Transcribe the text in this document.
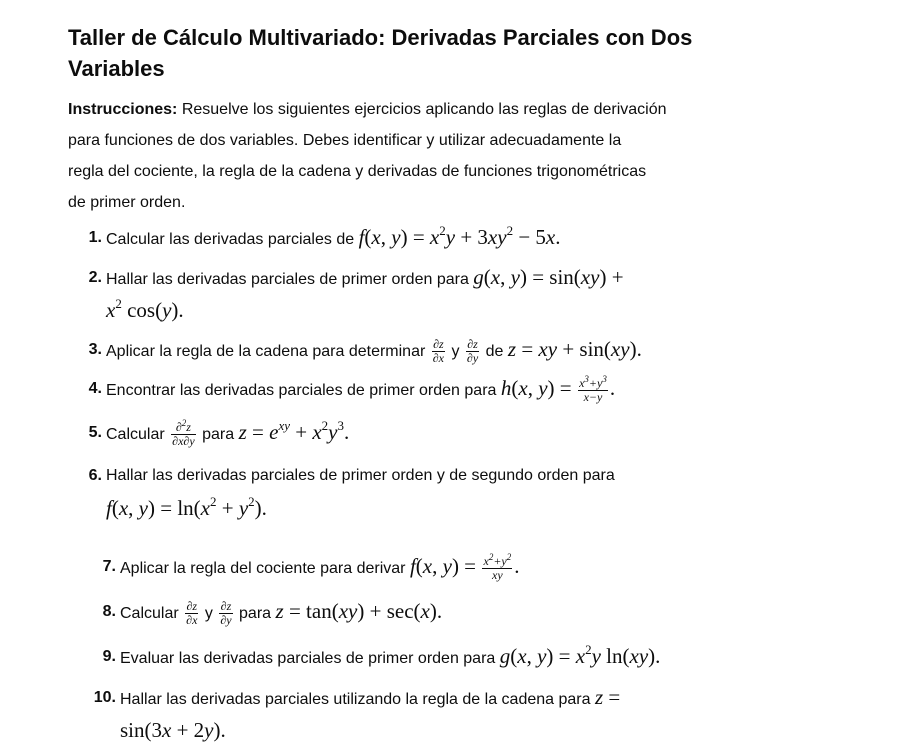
Taller de Cálculo Multivariado: Derivadas Parciales con Dos
Variables
Instrucciones: Resuelve los siguientes ejercicios aplicando las reglas de derivación
para funciones de dos variables. Debes identificar y utilizar adecuadamente la
regla del cociente, la regla de la cadena y derivadas de funciones trigonométricas
de primer orden.
1. Calcular las derivadas parciales de f(x, $y) = x^2y + 3xy^2 - 5x$.
2. Hallar las derivadas parciales de primer orden para g(x, y) = sin(xy) +
$x^2$ cos(y).
3. Aplicar la regla de la cadena para determinar $\frac{\partial z}{\partial x}$ y $\frac{\partial z}{\partial y}$ de z = xy + sin(xy).
4. Encontrar las derivadas parciales de primer orden para h(x, $y) = \frac{x^3+y^3}{x-y}$ .
5. Calcular $\frac{\partial^2z}{\partial x\partial y}$ para $z = e^{xy} + x^2y^3$.
6. Hallar las derivadas parciales de primer orden y de segundo orden para
f(x, $y) = \ln(x^2 + y^2)$.
7. Aplicar la regla del cociente para derivar f(x, $y) = \frac{x^2+y^2}{xy}$ .
8. Calcular $\frac{\partial z}{\partial x}$ y $\frac{\partial z}{\partial y}$ para z = tan(xy) + sec(x).
9. Evaluar las derivadas parciales de primer orden para g(x, $y) = x^2y$ ln(xy).
10. Hallar las derivadas parciales utilizando la regla de la cadena para z =
sin(3x + 2y).
